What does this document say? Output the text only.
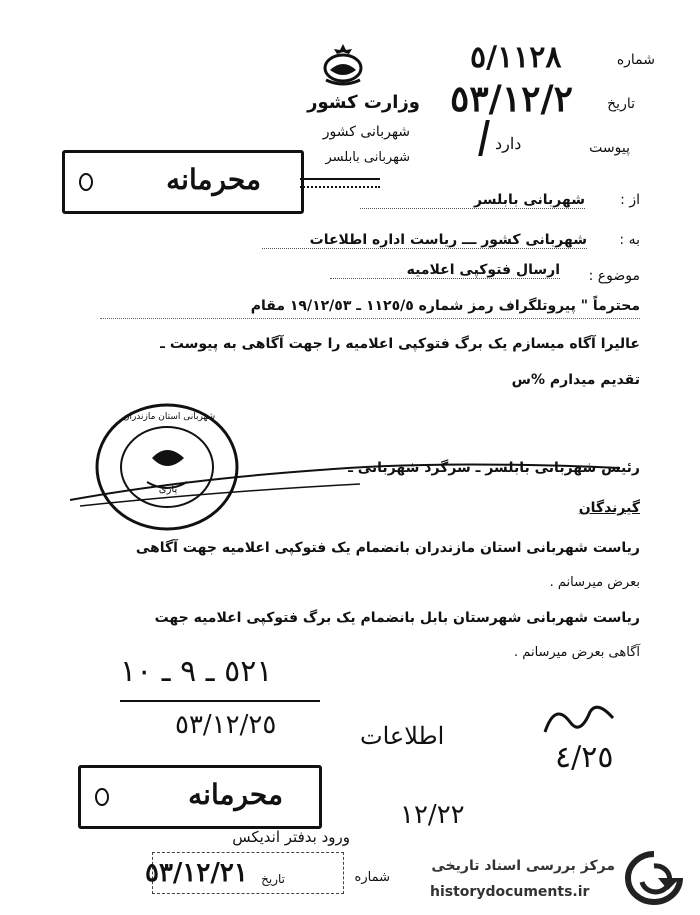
وزارت کشور
شهربانی کشور
شهربانی بابلسر
شماره
٥/١١٢٨
تاریخ
٥٣/١٢/٢
پیوست
دارد
محرمانه
از :
شهربانی بابلسر
به :
شهربانی کشور ـــ ریاست اداره اطلاعات
موضوع :
ارسال فتوکپی اعلامیه
محترماً " پیروتلگراف رمز شماره ١١٢٥/٥ ـ ١٩/١٢/٥٣ مقام
عالیرا آگاه میسازم یک برگ فتوکپی اعلامیه را جهت آگاهی به پیوست ـ
تقدیم میدارم %س
شهربانی استان مازندران
پاری
رئیس شهربانی بابلسر ـ سرگرد شهربانی ـ
گیرندگان
ریاست شهربانی استان مازندران بانضمام یک فتوکپی اعلامیه جهت آگاهی
بعرض میرسانم .
ریاست شهربانی شهرستان بابل بانضمام یک برگ فتوکپی اعلامیه جهت
آگاهی بعرض میرسانم .
٥٢١ ـ ٩ ـ ١٠
٥٣/١٢/٢٥	اطلاعات
٤/٢٥
١٢/٢٢
محرمانه
ورود بدفتر اندیکس
شماره
تاریخ
٥٣/١٢/٢١	مرکز بررسی اسناد تاریخی
historydocuments.ir
